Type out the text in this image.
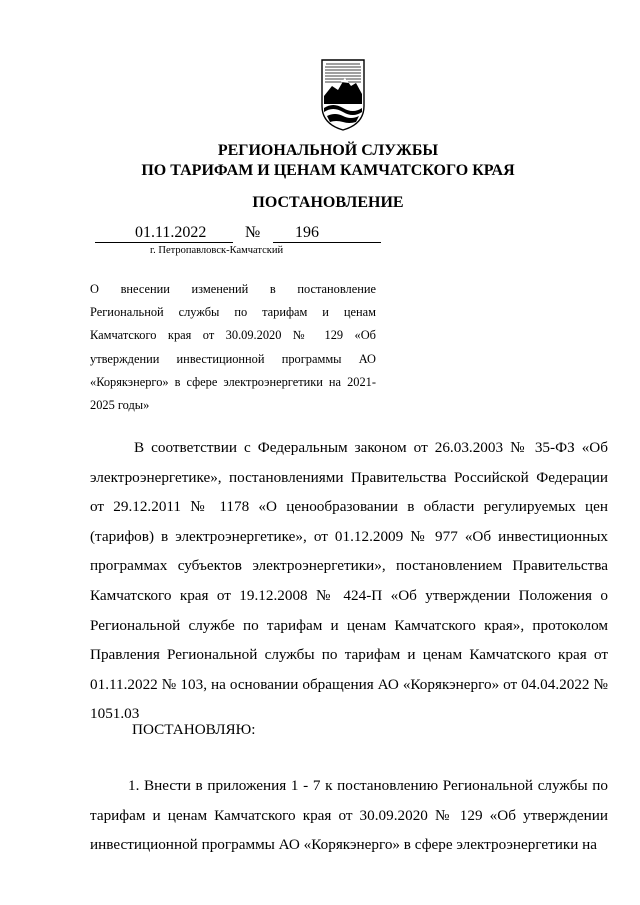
РЕГИОНАЛЬНОЙ СЛУЖБЫ
ПО ТАРИФАМ И ЦЕНАМ КАМЧАТСКОГО КРАЯ
ПОСТАНОВЛЕНИЕ
01.11.2022 № 196
г. Петропавловск-Камчатский
О внесении изменений в постановление Региональной службы по тарифам и ценам Камчатского края от 30.09.2020 № 129 «Об утверждении инвестиционной программы АО «Корякэнерго» в сфере электроэнергетики на 2021-2025 годы»
В соответствии с Федеральным законом от 26.03.2003 № 35-ФЗ «Об электроэнергетике», постановлениями Правительства Российской Федерации от 29.12.2011 № 1178 «О ценообразовании в области регулируемых цен (тарифов) в электроэнергетике», от 01.12.2009 № 977 «Об инвестиционных программах субъектов электроэнергетики», постановлением Правительства Камчатского края от 19.12.2008 № 424-П «Об утверждении Положения о Региональной службе по тарифам и ценам Камчатского края», протоколом Правления Региональной службы по тарифам и ценам Камчатского края от 01.11.2022 № 103, на основании обращения АО «Корякэнерго» от 04.04.2022 № 1051.03
ПОСТАНОВЛЯЮ:
1. Внести в приложения 1 - 7 к постановлению Региональной службы по тарифам и ценам Камчатского края от 30.09.2020 № 129 «Об утверждении инвестиционной программы АО «Корякэнерго» в сфере электроэнергетики на
